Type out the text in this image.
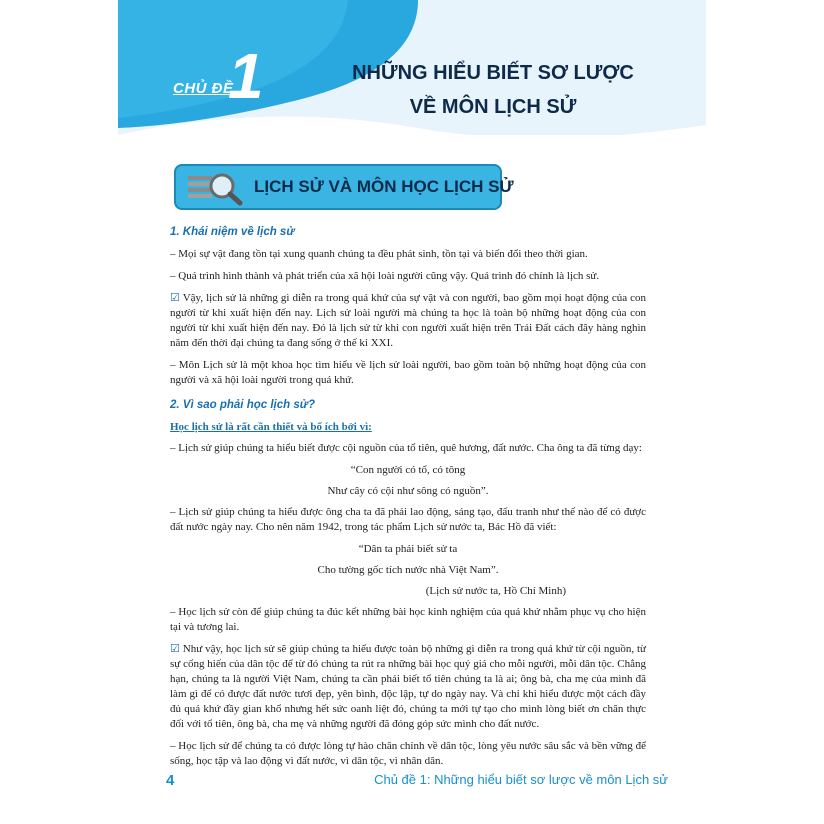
CHỦ ĐỀ
1	NHỮNG HIỂU BIẾT SƠ LƯỢC
VỀ MÔN LỊCH SỬ
LỊCH SỬ VÀ MÔN HỌC LỊCH SỬ
1. Khái niệm về lịch sử

– Mọi sự vật đang tồn tại xung quanh chúng ta đều phát sinh, tồn tại và biến đổi theo thời gian.

– Quá trình hình thành và phát triển của xã hội loài người cũng vậy. Quá trình đó chính là lịch sử.

☑ Vậy, lịch sử là những gì diễn ra trong quá khứ của sự vật và con người, bao gồm mọi hoạt động của con người từ khi xuất hiện đến nay. Lịch sử loài người mà chúng ta học là toàn bộ những hoạt động của con người từ khi xuất hiện đến nay. Đó là lịch sử từ khi con người xuất hiện trên Trái Đất cách đây hàng nghìn năm đến thời đại chúng ta đang sống ở thế kỉ XXI.

– Môn Lịch sử là một khoa học tìm hiểu về lịch sử loài người, bao gồm toàn bộ những hoạt động của con người và xã hội loài người trong quá khứ.

2. Vì sao phải học lịch sử?
Học lịch sử là rất cần thiết và bổ ích bởi vì:

– Lịch sử giúp chúng ta hiểu biết được cội nguồn của tổ tiên, quê hương, đất nước. Cha ông ta đã từng dạy:

“Con người có tổ, có tông
Như cây có cội như sông có nguồn”.

– Lịch sử giúp chúng ta hiểu được ông cha ta đã phải lao động, sáng tạo, đấu tranh như thế nào để có được đất nước ngày nay. Cho nên năm 1942, trong tác phẩm Lịch sử nước ta, Bác Hồ đã viết:

“Dân ta phải biết sử ta
Cho tường gốc tích nước nhà Việt Nam”.
(Lịch sử nước ta, Hồ Chí Minh)

– Học lịch sử còn để giúp chúng ta đúc kết những bài học kinh nghiệm của quá khứ nhằm phục vụ cho hiện tại và tương lai.

☑ Như vậy, học lịch sử sẽ giúp chúng ta hiểu được toàn bộ những gì diễn ra trong quá khứ từ cội nguồn, từ sự cống hiến của dân tộc để từ đó chúng ta rút ra những bài học quý giá cho mỗi người, mỗi dân tộc. Chẳng hạn, chúng ta là người Việt Nam, chúng ta cần phải biết tổ tiên chúng ta là ai; ông bà, cha mẹ của mình đã làm gì để có được đất nước tươi đẹp, yên bình, độc lập, tự do ngày nay. Và chỉ khi hiểu được một cách đầy đủ quá khứ đầy gian khổ nhưng hết sức oanh liệt đó, chúng ta mới tự tạo cho mình lòng biết ơn chân thực đối với tổ tiên, ông bà, cha mẹ và những người đã đóng góp sức mình cho đất nước.

– Học lịch sử để chúng ta có được lòng tự hào chân chính về dân tộc, lòng yêu nước sâu sắc và bền vững để sống, học tập và lao động vì đất nước, vì dân tộc, vì nhân dân.

4	Chủ đề 1: Những hiểu biết sơ lược về môn Lịch sử
